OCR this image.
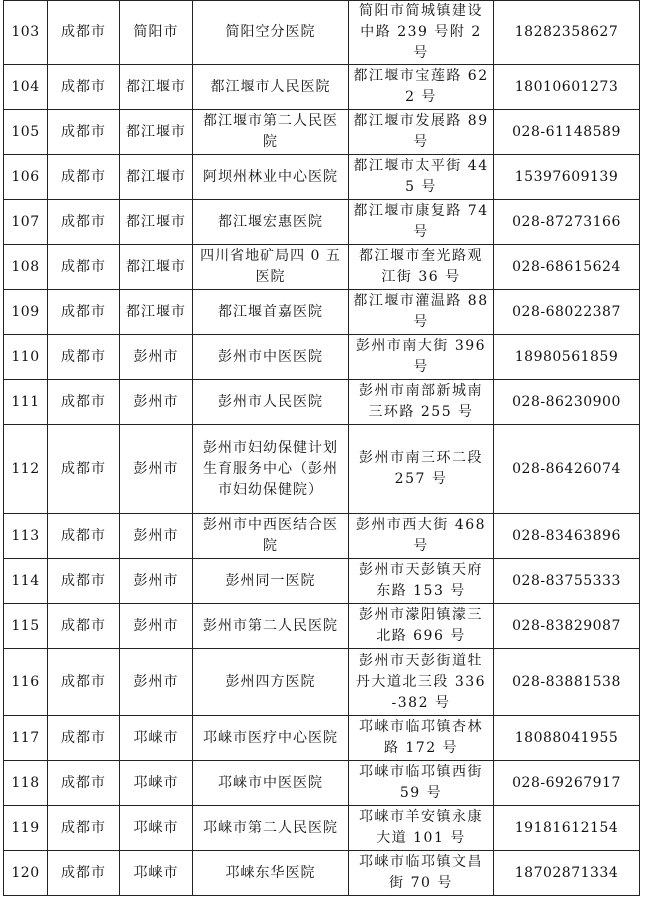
103	成都市	简阳市	简阳空分医院	简阳市简城镇建设中路 239 号附 2 号	18282358627
104	成都市	都江堰市	都江堰市人民医院	都江堰市宝莲路 622 号	18010601273
105	成都市	都江堰市	都江堰市第二人民医院	都江堰市发展路 89 号	028-61148589
106	成都市	都江堰市	阿坝州林业中心医院	都江堰市太平街 445 号	15397609139
107	成都市	都江堰市	都江堰宏惠医院	都江堰市康复路 74 号	028-87273166
108	成都市	都江堰市	四川省地矿局四 0 五医院	都江堰市奎光路观江街 36 号	028-68615624
109	成都市	都江堰市	都江堰首嘉医院	都江堰市灌温路 88 号	028-68022387
110	成都市	彭州市	彭州市中医医院	彭州市南大街 396 号	18980561859
111	成都市	彭州市	彭州市人民医院	彭州市南部新城南三环路 255 号	028-86230900
112	成都市	彭州市	彭州市妇幼保健计划生育服务中心（彭州市妇幼保健院）	彭州市南三环二段 257 号	028-86426074
113	成都市	彭州市	彭州市中西医结合医院	彭州市西大街 468 号	028-83463896
114	成都市	彭州市	彭州同一医院	彭州市天彭镇天府东路 153 号	028-83755333
115	成都市	彭州市	彭州市第二人民医院	彭州市濛阳镇濛三北路 696 号	028-83829087
116	成都市	彭州市	彭州四方医院	彭州市天彭街道牡丹大道北三段 336-382 号	028-83881538
117	成都市	邛崃市	邛崃市医疗中心医院	邛崃市临邛镇杏林路 172 号	18088041955
118	成都市	邛崃市	邛崃市中医医院	邛崃市临邛镇西街 59 号	028-69267917
119	成都市	邛崃市	邛崃市第二人民医院	邛崃市羊安镇永康大道 101 号	19181612154
120	成都市	邛崃市	邛崃东华医院	邛崃市临邛镇文昌街 70 号	18702871334
